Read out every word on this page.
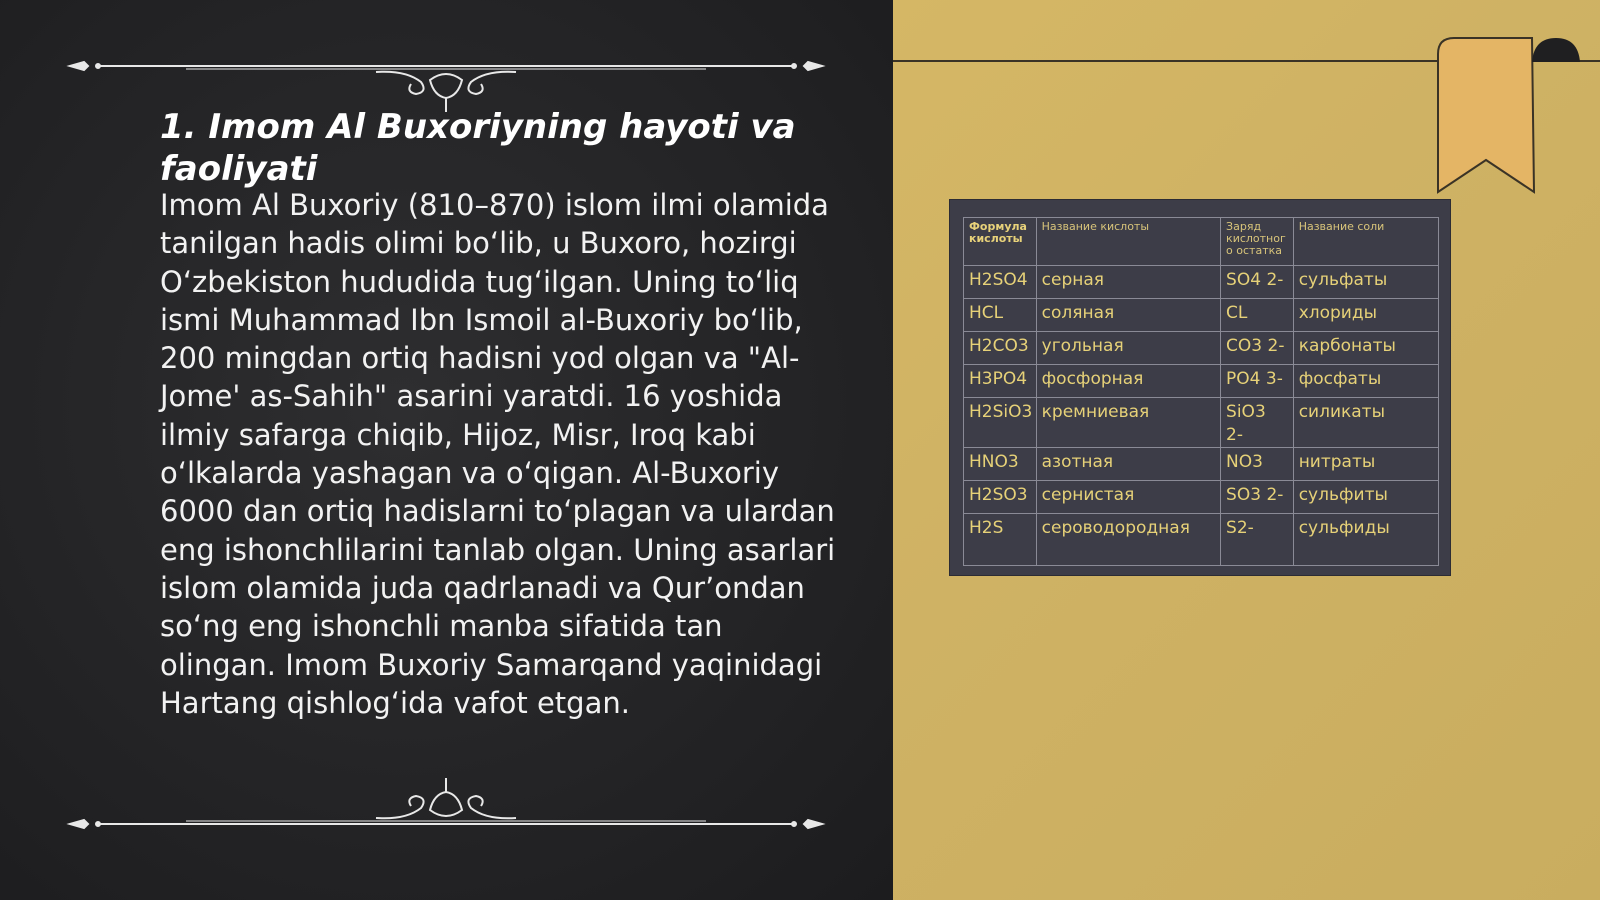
1. Imom Al Buxoriyning hayoti va faoliyati

Imom Al Buxoriy (810–870) islom ilmi olamida tanilgan hadis olimi bo‘lib, u Buxoro, hozirgi O‘zbekiston hududida tug‘ilgan. Uning to‘liq ismi Muhammad Ibn Ismoil al-Buxoriy bo‘lib, 200 mingdan ortiq hadisni yod olgan va "Al-Jome' as-Sahih" asarini yaratdi. 16 yoshida ilmiy safarga chiqib, Hijoz, Misr, Iroq kabi o‘lkalarda yashagan va o‘qigan. Al-Buxoriy 6000 dan ortiq hadislarni to‘plagan va ulardan eng ishonchlilarini tanlab olgan. Uning asarlari islom olamida juda qadrlanadi va Qur’ondan so‘ng eng ishonchli manba sifatida tan olingan. Imom Buxoriy Samarqand yaqinidagi Hartang qishlog‘ida vafot etgan.

Формула кислоты	Название кислоты	Заряд кислотног о остатка	Название соли
H2SO4	серная	SO4 2-	сульфаты
HCL	соляная	CL	хлориды
H2CO3	угольная	CO3 2-	карбонаты
H3PO4	фосфорная	PO4 3-	фосфаты
H2SiO3	кремниевая	SiO3 2-	силикаты
HNO3	азотная	NO3	нитраты
H2SO3	сернистая	SO3 2-	сульфиты
H2S	сероводородная	S2-	сульфиды
